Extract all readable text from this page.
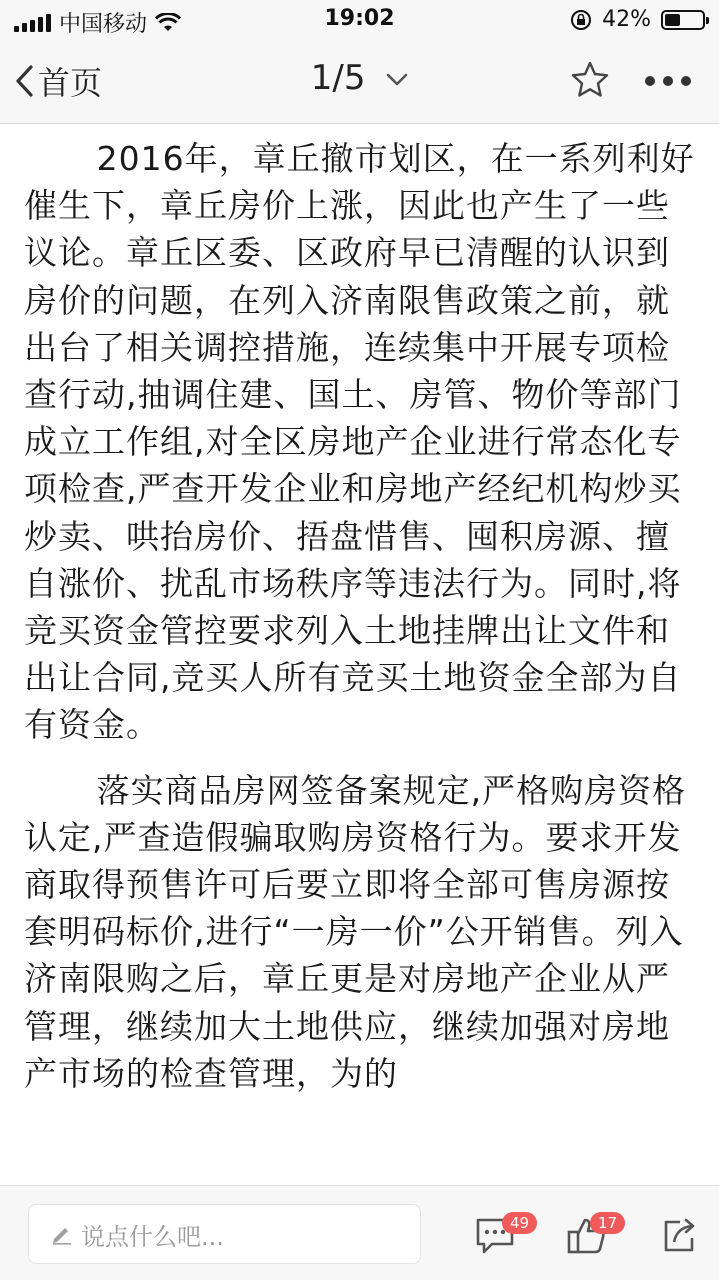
中国移动	19:02	42%
首页	1/5

2016年，章丘撤市划区，在一系列利好催生下，章丘房价上涨，因此也产生了一些议论。章丘区委、区政府早已清醒的认识到房价的问题，在列入济南限售政策之前，就出台了相关调控措施，连续集中开展专项检查行动,抽调住建、国土、房管、物价等部门成立工作组,对全区房地产企业进行常态化专项检查,严查开发企业和房地产经纪机构炒买炒卖、哄抬房价、捂盘惜售、囤积房源、擅自涨价、扰乱市场秩序等违法行为。同时,将竞买资金管控要求列入土地挂牌出让文件和出让合同,竞买人所有竞买土地资金全部为自有资金。

落实商品房网签备案规定,严格购房资格认定,严查造假骗取购房资格行为。要求开发商取得预售许可后要立即将全部可售房源按套明码标价,进行“一房一价”公开销售。列入济南限购之后，章丘更是对房地产企业从严管理，继续加大土地供应，继续加强对房地产市场的检查管理，为的

说点什么吧...	49	17
